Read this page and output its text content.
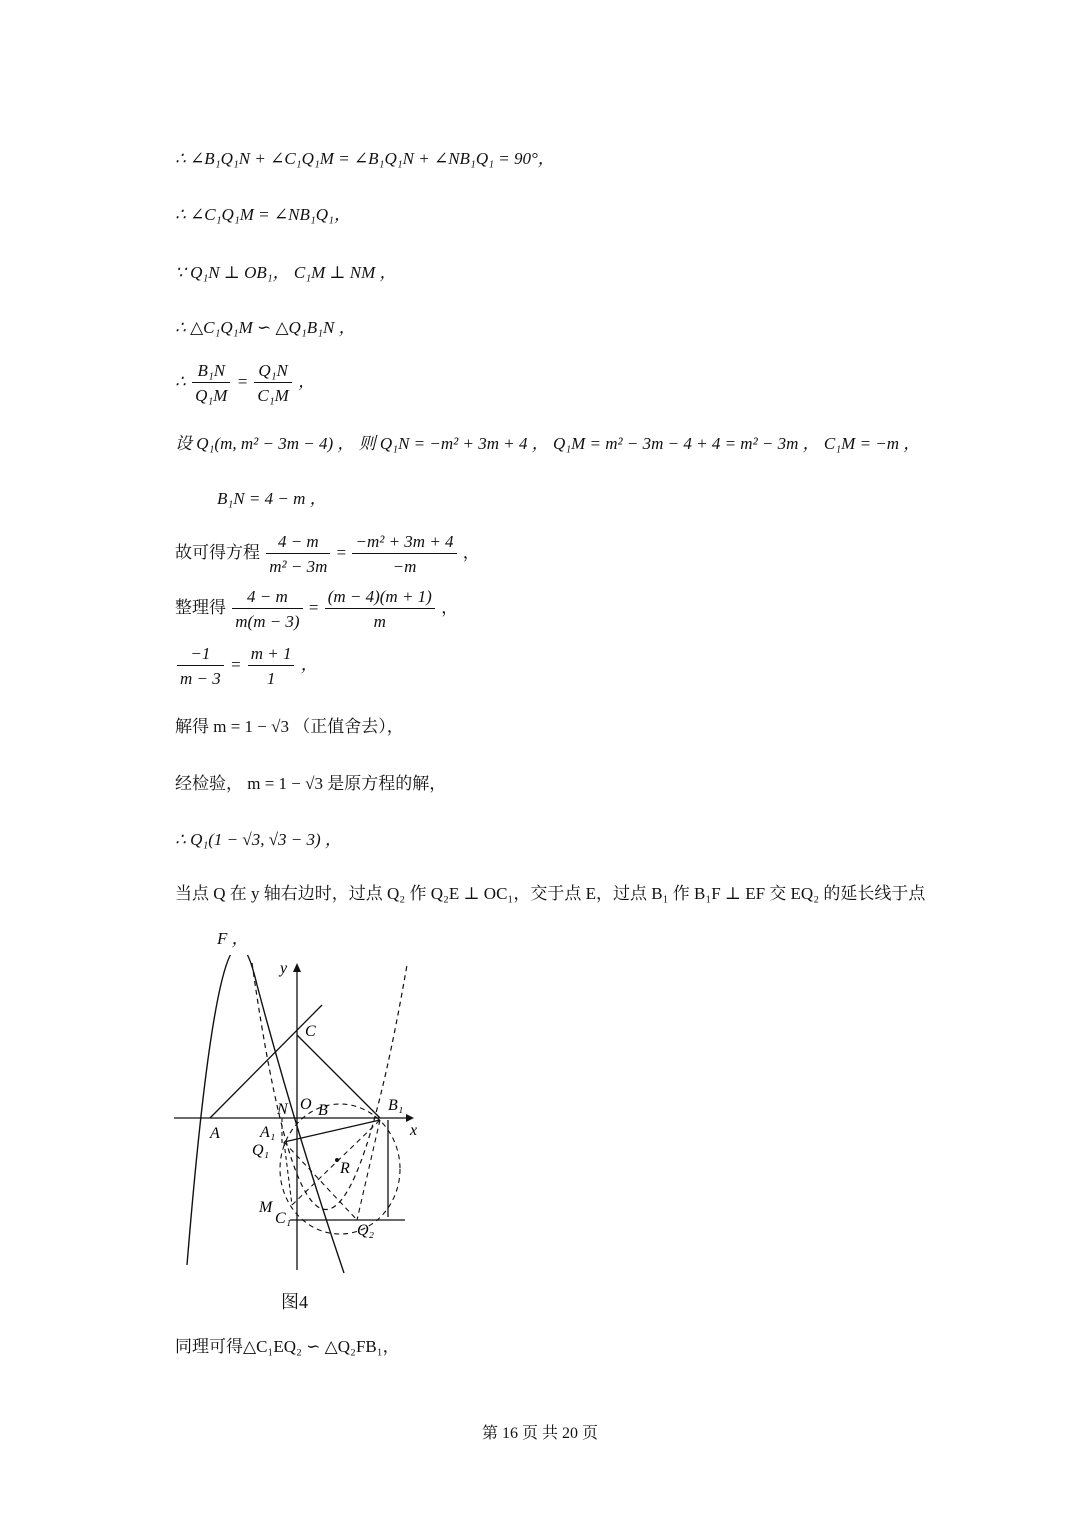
∴ ∠B₁Q₁N + ∠C₁Q₁M = ∠B₁Q₁N + ∠NB₁Q₁ = 90°，
∴ ∠C₁Q₁M = ∠NB₁Q₁，
∵ Q₁N ⊥ OB₁， C₁M ⊥ NM ，
∴ △C₁Q₁M ∽ △Q₁B₁N ，
∴ $\frac{\text{B₁N}}{\text{Q₁M}} = \frac{\text{Q₁N}}{\text{C₁M}}$ ，
设 Q₁(m, m² − 3m − 4) ， 则 Q₁N = −m² + 3m + 4 ， Q₁M = m² − 3m − 4 + 4 = m² − 3m ， C₁M = −m ，
B₁N = 4 − m ，
故可得方程 $\frac{4 - m}{\text{m² − 3m}} = \frac{\text{−m² + 3m + 4}}{-m}$ ，
整理得 $\frac{4 - m}{m(m - 3)} = \frac{(m - 4)(m + 1)}{m}$ ，
$\frac{-1}{m - 3} = \frac{m + 1}{1}$ ，
解得 m = 1 − √3 （正值舍去），
经检验， m = 1 − √3 是原方程的解，
∴ Q₁(1 − √3, √3 − 3) ，
当点 Q 在 y 轴右边时，过点 Q₂ 作 Q₂E ⊥ OC₁，交于点 E，过点 B₁ 作 B₁F ⊥ EF 交 EQ₂ 的延长线于点
F ，
y
x
C
N O B	B₁
A	A₁
Q₁
R
M
C₁
Q₂
图4
同理可得△C₁EQ₂ ∽ △Q₂FB₁，
第 16 页 共 20 页
